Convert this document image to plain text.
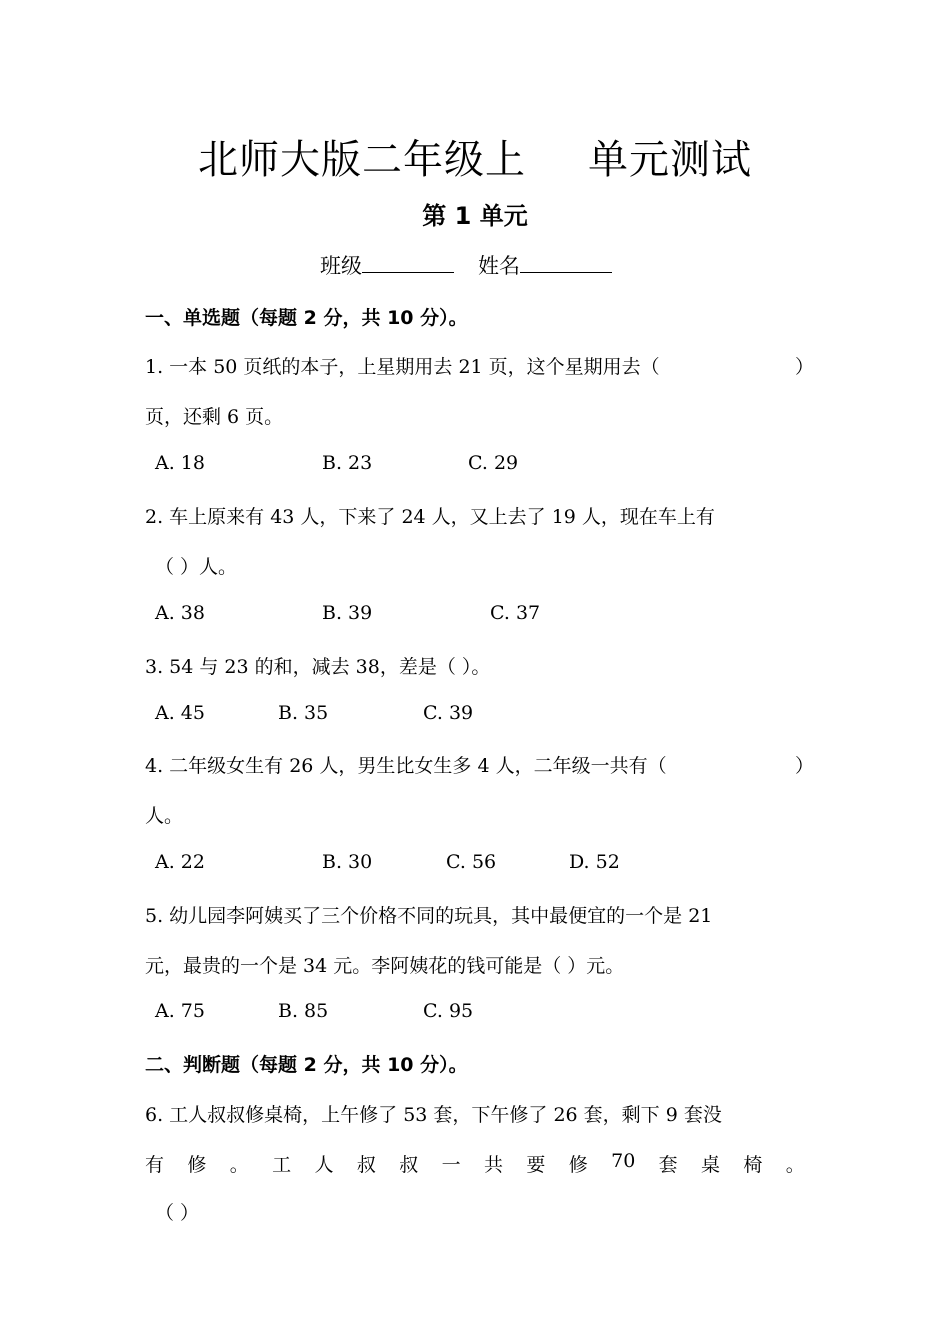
北师大版二年级上 单元测试
第 1 单元
班级	姓名
一、单选题（每题 2 分，共 10 分）。
1. 一本 50 页纸的本子，上星期用去 21 页，这个星期用去（	）
页，还剩 6 页。
A. 18	B. 23	C. 29
2. 车上原来有 43 人，下来了 24 人，又上去了 19 人，现在车上有
（ ）人。
A. 38	B. 39	C. 37
3. 54 与 23 的和，减去 38，差是（ ）。
A. 45	B. 35	C. 39
4. 二年级女生有 26 人，男生比女生多 4 人，二年级一共有（	）
人。
A. 22	B. 30	C. 56	D. 52
5. 幼儿园李阿姨买了三个价格不同的玩具，其中最便宜的一个是 21
元，最贵的一个是 34 元。李阿姨花的钱可能是（ ）元。
A. 75	B. 85	C. 95
二、判断题（每题 2 分，共 10 分）。
6. 工人叔叔修桌椅，上午修了 53 套，下午修了 26 套，剩下 9 套没
有 修 。 工 人 叔 叔 一 共 要 修 70 套 桌 椅 。
（ ）
